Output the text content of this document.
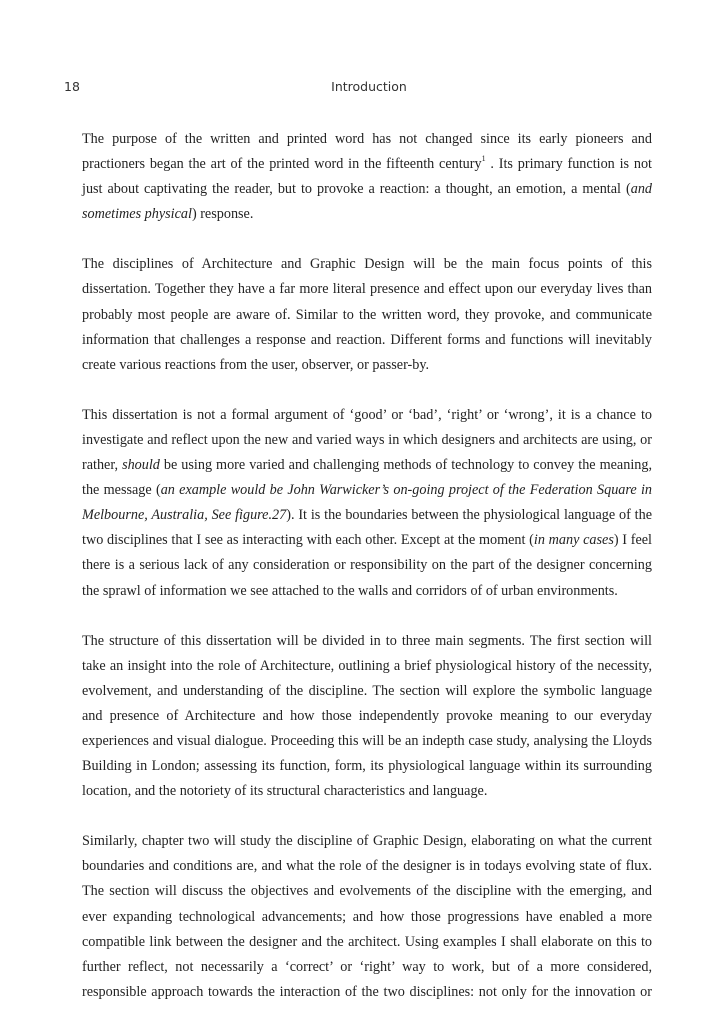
18	Introduction
The purpose of the written and printed word has not changed since its early pioneers and
practioners began the art of the printed word in the fifteenth century$^1$ . Its primary function is not
just about captivating the reader, but to provoke a reaction: a thought, an emotion, a mental (and
sometimes physical) response.
The disciplines of Architecture and Graphic Design will be the main focus points of this
dissertation. Together they have a far more literal presence and effect upon our everyday lives than
probably most people are aware of. Similar to the written word, they provoke, and communicate
information that challenges a response and reaction. Different forms and functions will inevitably
create various reactions from the user, observer, or passer-by.
This dissertation is not a formal argument of ‘good’ or ‘bad’, ‘right’ or ‘wrong’, it is a chance to
investigate and reflect upon the new and varied ways in which designers and architects are using, or
rather, should be using more varied and challenging methods of technology to convey the meaning,
the message (an example would be John Warwicker’s on-going project of the Federation Square in
Melbourne, Australia, See figure.27). It is the boundaries between the physiological language of the
two disciplines that I see as interacting with each other. Except at the moment (in many cases) I feel
there is a serious lack of any consideration or responsibility on the part of the designer concerning
the sprawl of information we see attached to the walls and corridors of of urban environments.
The structure of this dissertation will be divided in to three main segments. The first section will
take an insight into the role of Architecture, outlining a brief physiological history of the necessity,
evolvement, and understanding of the discipline. The section will explore the symbolic language
and presence of Architecture and how those independently provoke meaning to our everyday
experiences and visual dialogue. Proceeding this will be an indepth case study, analysing the Lloyds
Building in London; assessing its function, form, its physiological language within its surrounding
location, and the notoriety of its structural characteristics and language.
Similarly, chapter two will study the discipline of Graphic Design, elaborating on what the current
boundaries and conditions are, and what the role of the designer is in todays evolving state of flux.
The section will discuss the objectives and evolvements of the discipline with the emerging, and
ever expanding technological advancements; and how those progressions have enabled a more
compatible link between the designer and the architect. Using examples I shall elaborate on this to
further reflect, not necessarily a ‘correct’ or ‘right’ way to work, but of a more considered,
responsible approach towards the interaction of the two disciplines: not only for the innovation or
